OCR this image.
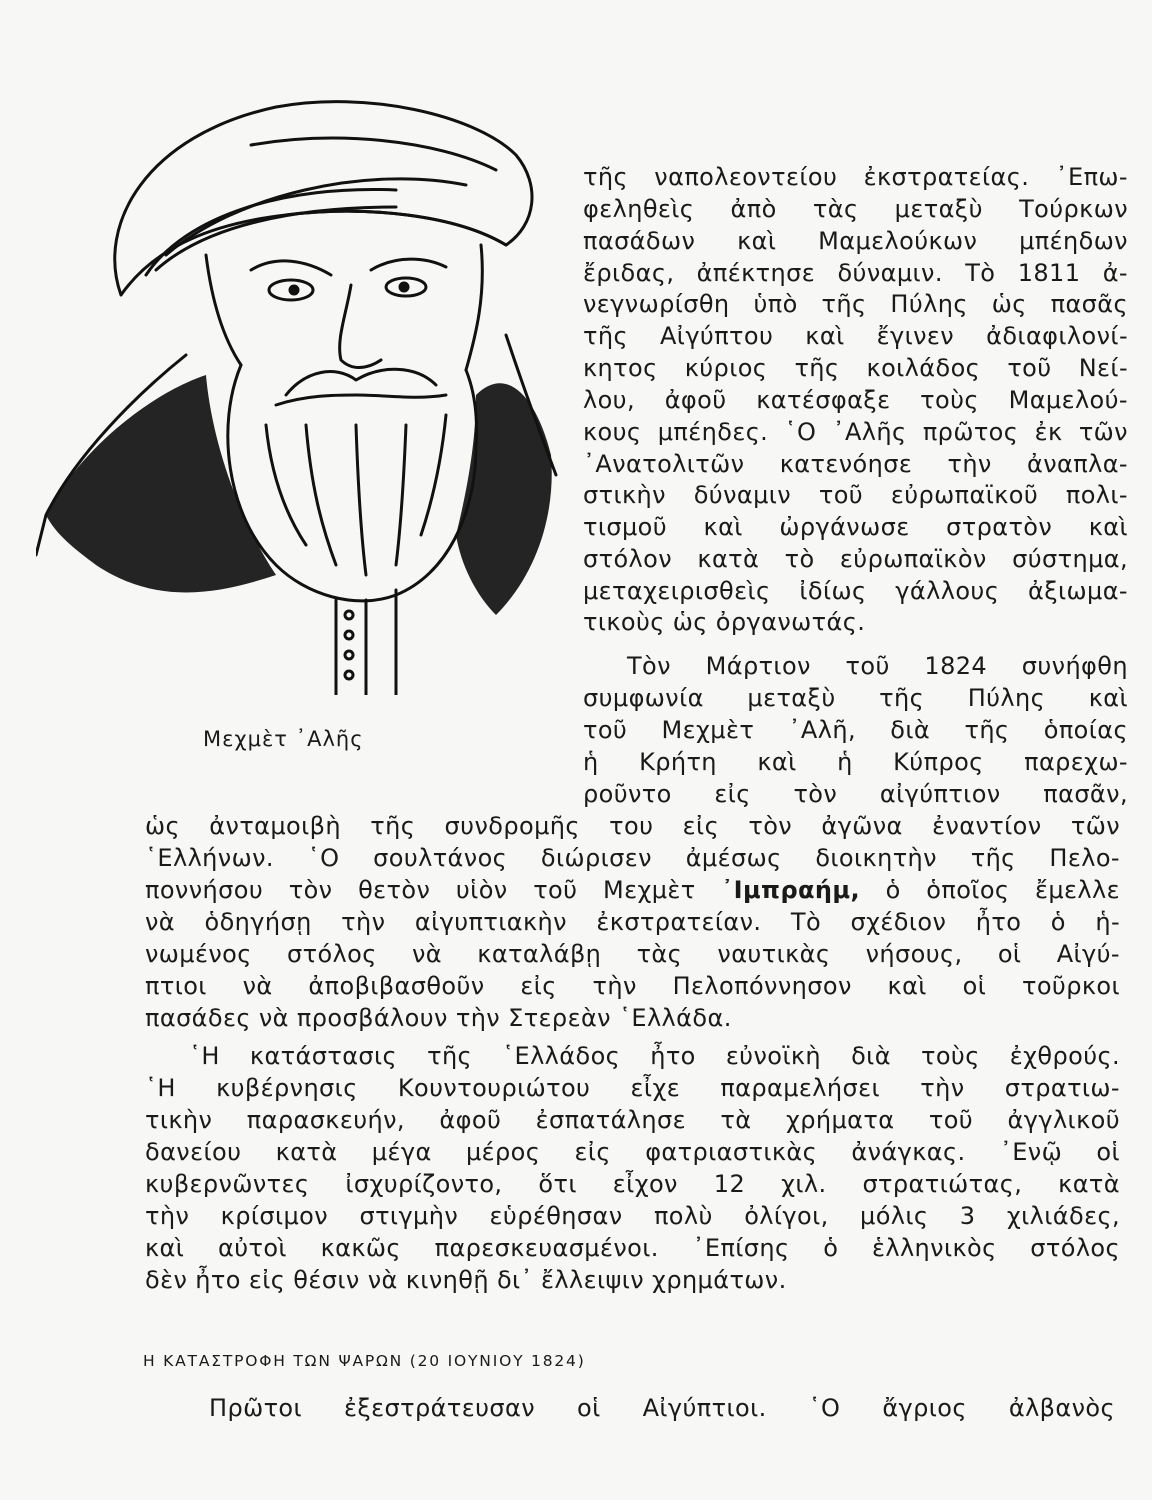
Μεχμὲτ ᾿Αλῆς
τῆς ναπολεοντείου ἐκστρατείας. ᾿Επω-
φεληθεὶς ἀπὸ τὰς μεταξὺ Τούρκων
πασάδων καὶ Μαμελούκων μπέηδων
ἔριδας, ἀπέκτησε δύναμιν. Τὸ 1811 ἀ-
νεγνωρίσθη ὑπὸ τῆς Πύλης ὡς πασᾶς
τῆς Αἰγύπτου καὶ ἔγινεν ἀδιαφιλονί-
κητος κύριος τῆς κοιλάδος τοῦ Νεί-
λου, ἀφοῦ κατέσφαξε τοὺς Μαμελού-
κους μπέηδες. ῾Ο ᾿Αλῆς πρῶτος ἐκ τῶν
᾿Ανατολιτῶν κατενόησε τὴν ἀναπλα-
στικὴν δύναμιν τοῦ εὐρωπαϊκοῦ πολι-
τισμοῦ καὶ ὠργάνωσε στρατὸν καὶ
στόλον κατὰ τὸ εὐρωπαϊκὸν σύστημα,
μεταχειρισθεὶς ἰδίως γάλλους ἀξιωμα-
τικοὺς ὡς ὀργανωτάς.
Τὸν Μάρτιον τοῦ 1824 συνήφθη
συμφωνία μεταξὺ τῆς Πύλης καὶ
τοῦ Μεχμὲτ ᾿Αλῆ, διὰ τῆς ὁποίας
ἡ Κρήτη καὶ ἡ Κύπρος παρεχω-
ροῦντο εἰς τὸν αἰγύπτιον πασᾶν,
ὡς ἀνταμοιβὴ τῆς συνδρομῆς του εἰς τὸν ἀγῶνα ἐναντίον τῶν
῾Ελλήνων. ῾Ο σουλτάνος διώρισεν ἀμέσως διοικητὴν τῆς Πελο-
ποννήσου τὸν θετὸν υἱὸν τοῦ Μεχμὲτ ᾿Ιμπραήμ, ὁ ὁποῖος ἔμελλε
νὰ ὁδηγήσῃ τὴν αἰγυπτιακὴν ἐκστρατείαν. Τὸ σχέδιον ἦτο ὁ ἡ-
νωμένος στόλος νὰ καταλάβῃ τὰς ναυτικὰς νήσους, οἱ Αἰγύ-
πτιοι νὰ ἀποβιβασθοῦν εἰς τὴν Πελοπόννησον καὶ οἱ τοῦρκοι
πασάδες νὰ προσβάλουν τὴν Στερεὰν ῾Ελλάδα.
῾Η κατάστασις τῆς ῾Ελλάδος ἦτο εὐνοϊκὴ διὰ τοὺς ἐχθρούς.
῾Η κυβέρνησις Κουντουριώτου εἶχε παραμελήσει τὴν στρατιω-
τικὴν παρασκευήν, ἀφοῦ ἐσπατάλησε τὰ χρήματα τοῦ ἀγγλικοῦ
δανείου κατὰ μέγα μέρος εἰς φατριαστικὰς ἀνάγκας. ᾿Ενῷ οἱ
κυβερνῶντες ἰσχυρίζοντο, ὅτι εἶχον 12 χιλ. στρατιώτας, κατὰ
τὴν κρίσιμον στιγμὴν εὑρέθησαν πολὺ ὀλίγοι, μόλις 3 χιλιάδες,
καὶ αὐτοὶ κακῶς παρεσκευασμένοι. ᾿Επίσης ὁ ἑλληνικὸς στόλος
δὲν ἦτο εἰς θέσιν νὰ κινηθῇ δι᾿ ἔλλειψιν χρημάτων.
Η ΚΑΤΑΣΤΡΟΦΗ ΤΩΝ ΨΑΡΩΝ (20 ΙΟΥΝΙΟΥ 1824)
Πρῶτοι ἐξεστράτευσαν οἱ Αἰγύπτιοι. ῾Ο ἄγριος ἀλβανὸς
